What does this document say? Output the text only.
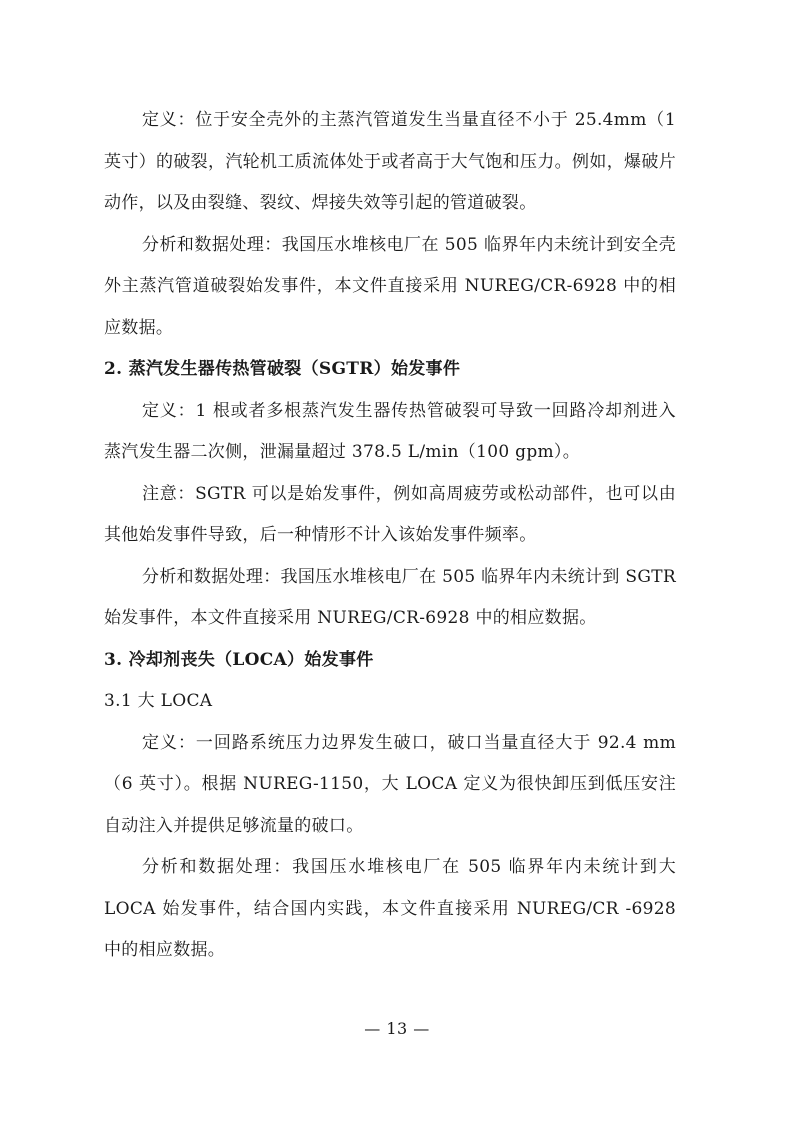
定义：位于安全壳外的主蒸汽管道发生当量直径不小于 25.4mm（1 英寸）的破裂，汽轮机工质流体处于或者高于大气饱和压力。例如，爆破片动作，以及由裂缝、裂纹、焊接失效等引起的管道破裂。

分析和数据处理：我国压水堆核电厂在 505 临界年内未统计到安全壳外主蒸汽管道破裂始发事件，本文件直接采用 NUREG/CR-6928 中的相应数据。

2. 蒸汽发生器传热管破裂（SGTR）始发事件

定义：1 根或者多根蒸汽发生器传热管破裂可导致一回路冷却剂进入蒸汽发生器二次侧，泄漏量超过 378.5 L/min（100 gpm）。

注意：SGTR 可以是始发事件，例如高周疲劳或松动部件，也可以由其他始发事件导致，后一种情形不计入该始发事件频率。

分析和数据处理：我国压水堆核电厂在 505 临界年内未统计到 SGTR 始发事件，本文件直接采用 NUREG/CR-6928 中的相应数据。

3. 冷却剂丧失（LOCA）始发事件

3.1 大 LOCA

定义：一回路系统压力边界发生破口，破口当量直径大于 92.4 mm（6 英寸）。根据 NUREG-1150，大 LOCA 定义为很快卸压到低压安注自动注入并提供足够流量的破口。

分析和数据处理：我国压水堆核电厂在 505 临界年内未统计到大 LOCA 始发事件，结合国内实践，本文件直接采用 NUREG/CR -6928 中的相应数据。

— 13 —
